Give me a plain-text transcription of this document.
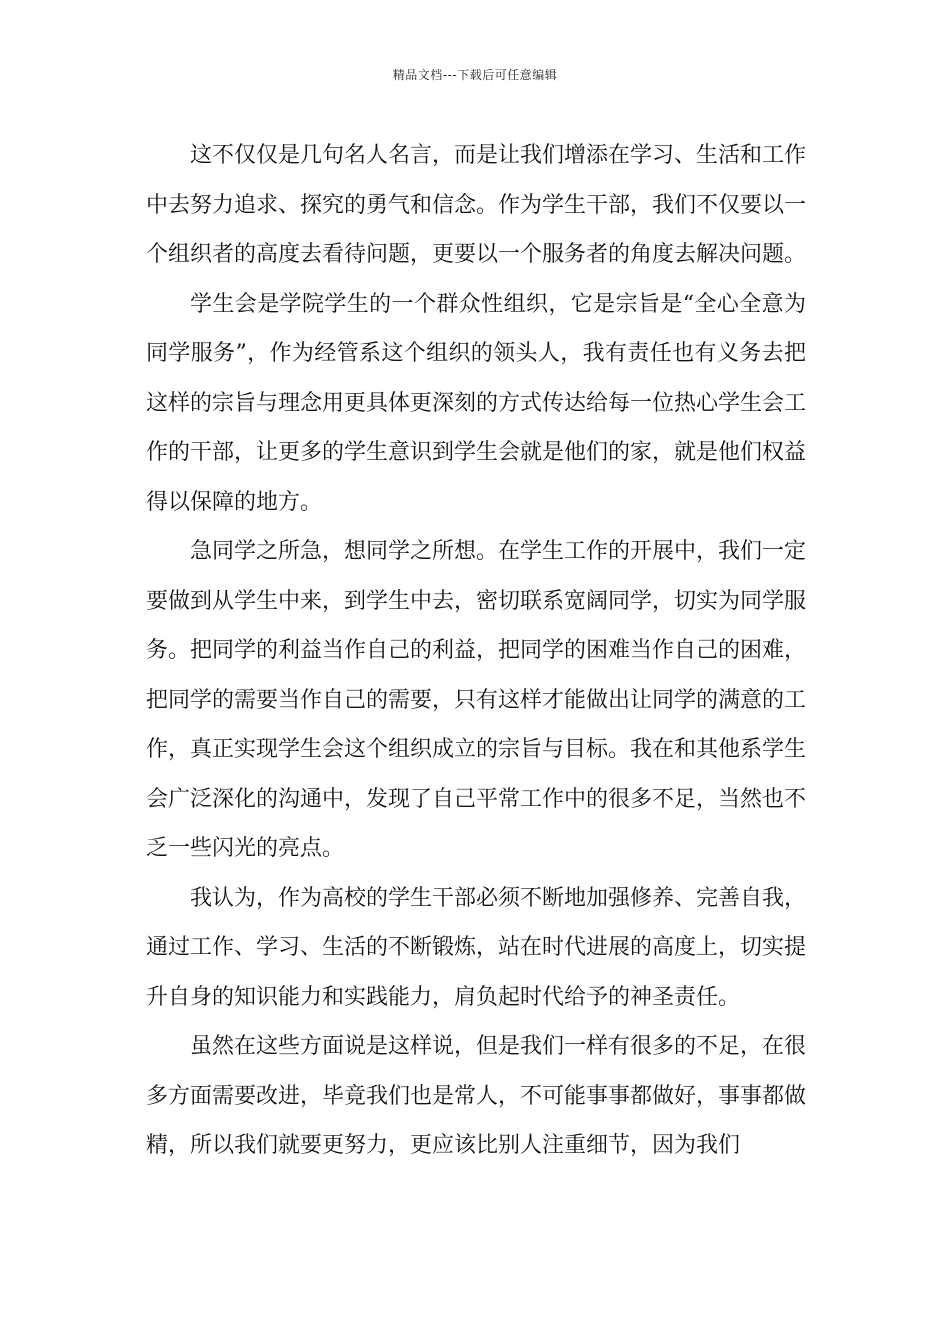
精品文档---下载后可任意编辑

这不仅仅是几句名人名言，而是让我们增添在学习、生活和工作中去努力追求、探究的勇气和信念。作为学生干部，我们不仅要以一个组织者的高度去看待问题，更要以一个服务者的角度去解决问题。

学生会是学院学生的一个群众性组织，它是宗旨是“全心全意为同学服务”，作为经管系这个组织的领头人，我有责任也有义务去把这样的宗旨与理念用更具体更深刻的方式传达给每一位热心学生会工作的干部，让更多的学生意识到学生会就是他们的家，就是他们权益得以保障的地方。

急同学之所急，想同学之所想。在学生工作的开展中，我们一定要做到从学生中来，到学生中去，密切联系宽阔同学，切实为同学服务。把同学的利益当作自己的利益，把同学的困难当作自己的困难，把同学的需要当作自己的需要，只有这样才能做出让同学的满意的工作，真正实现学生会这个组织成立的宗旨与目标。我在和其他系学生会广泛深化的沟通中，发现了自己平常工作中的很多不足，当然也不乏一些闪光的亮点。

我认为，作为高校的学生干部必须不断地加强修养、完善自我，通过工作、学习、生活的不断锻炼，站在时代进展的高度上，切实提升自身的知识能力和实践能力，肩负起时代给予的神圣责任。

虽然在这些方面说是这样说，但是我们一样有很多的不足，在很多方面需要改进，毕竟我们也是常人，不可能事事都做好，事事都做精，所以我们就要更努力，更应该比别人注重细节，因为我们
